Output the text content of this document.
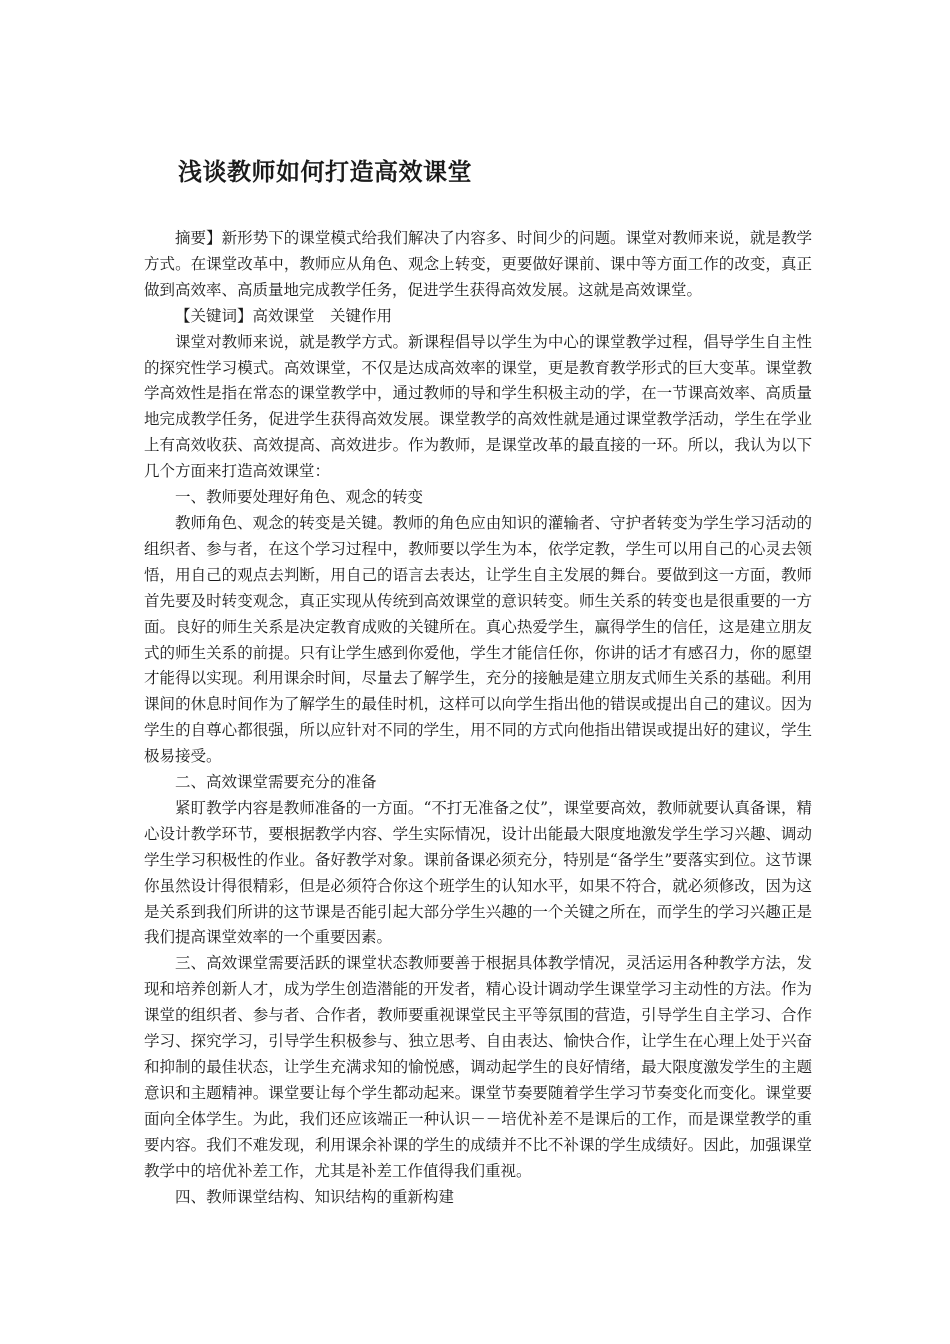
浅谈教师如何打造高效课堂

摘要】新形势下的课堂模式给我们解决了内容多、时间少的问题。课堂对教师来说，就是教学方式。在课堂改革中，教师应从角色、观念上转变，更要做好课前、课中等方面工作的改变，真正做到高效率、高质量地完成教学任务，促进学生获得高效发展。这就是高效课堂。

【关键词】高效课堂　关键作用

课堂对教师来说，就是教学方式。新课程倡导以学生为中心的课堂教学过程，倡导学生自主性的探究性学习模式。高效课堂，不仅是达成高效率的课堂，更是教育教学形式的巨大变革。课堂教学高效性是指在常态的课堂教学中，通过教师的导和学生积极主动的学，在一节课高效率、高质量地完成教学任务，促进学生获得高效发展。课堂教学的高效性就是通过课堂教学活动，学生在学业上有高效收获、高效提高、高效进步。作为教师，是课堂改革的最直接的一环。所以，我认为以下几个方面来打造高效课堂：

一、教师要处理好角色、观念的转变

教师角色、观念的转变是关键。教师的角色应由知识的灌输者、守护者转变为学生学习活动的组织者、参与者，在这个学习过程中，教师要以学生为本，依学定教，学生可以用自己的心灵去领悟，用自己的观点去判断，用自己的语言去表达，让学生自主发展的舞台。要做到这一方面，教师首先要及时转变观念，真正实现从传统到高效课堂的意识转变。师生关系的转变也是很重要的一方面。良好的师生关系是决定教育成败的关键所在。真心热爱学生，赢得学生的信任，这是建立朋友式的师生关系的前提。只有让学生感到你爱他，学生才能信任你，你讲的话才有感召力，你的愿望才能得以实现。利用课余时间，尽量去了解学生，充分的接触是建立朋友式师生关系的基础。利用课间的休息时间作为了解学生的最佳时机，这样可以向学生指出他的错误或提出自己的建议。因为学生的自尊心都很强，所以应针对不同的学生，用不同的方式向他指出错误或提出好的建议，学生极易接受。

二、高效课堂需要充分的准备

紧盯教学内容是教师准备的一方面。“不打无准备之仗”，课堂要高效，教师就要认真备课，精心设计教学环节，要根据教学内容、学生实际情况，设计出能最大限度地激发学生学习兴趣、调动学生学习积极性的作业。备好教学对象。课前备课必须充分，特别是“备学生”要落实到位。这节课你虽然设计得很精彩，但是必须符合你这个班学生的认知水平，如果不符合，就必须修改，因为这是关系到我们所讲的这节课是否能引起大部分学生兴趣的一个关键之所在，而学生的学习兴趣正是我们提高课堂效率的一个重要因素。

三、高效课堂需要活跃的课堂状态教师要善于根据具体教学情况，灵活运用各种教学方法，发现和培养创新人才，成为学生创造潜能的开发者，精心设计调动学生课堂学习主动性的方法。作为课堂的组织者、参与者、合作者，教师要重视课堂民主平等氛围的营造，引导学生自主学习、合作学习、探究学习，引导学生积极参与、独立思考、自由表达、愉快合作，让学生在心理上处于兴奋和抑制的最佳状态，让学生充满求知的愉悦感，调动起学生的良好情绪，最大限度激发学生的主题意识和主题精神。课堂要让每个学生都动起来。课堂节奏要随着学生学习节奏变化而变化。课堂要面向全体学生。为此，我们还应该端正一种认识－－培优补差不是课后的工作，而是课堂教学的重要内容。我们不难发现，利用课余补课的学生的成绩并不比不补课的学生成绩好。因此，加强课堂教学中的培优补差工作，尤其是补差工作值得我们重视。

四、教师课堂结构、知识结构的重新构建
